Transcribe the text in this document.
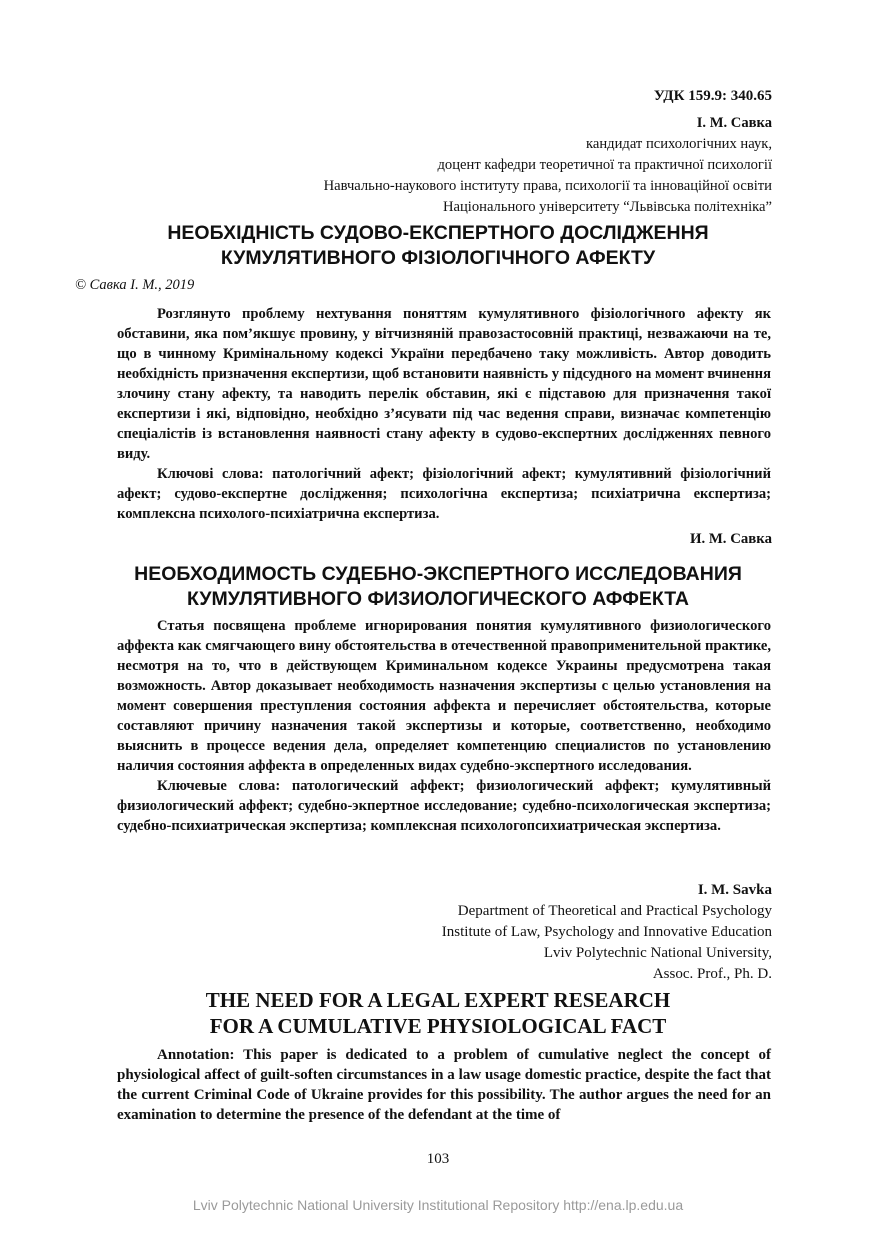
УДК 159.9: 340.65
І. М. Савка
кандидат психологічних наук,
доцент кафедри теоретичної та практичної психології
Навчально-наукового інституту права, психології та інноваційної освіти
Національного університету “Львівська політехніка”
НЕОБХІДНІСТЬ СУДОВО-ЕКСПЕРТНОГО ДОСЛІДЖЕННЯ
КУМУЛЯТИВНОГО ФІЗІОЛОГІЧНОГО АФЕКТУ
© Савка І. М., 2019

Розглянуто проблему нехтування поняттям кумулятивного фізіологічного афекту як обставини, яка пом’якшує провину, у вітчизняній правозастосовній практиці, незважаючи на те, що в чинному Кримінальному кодексі України передбачено таку можливість. Автор доводить необхідність призначення експертизи, щоб встановити наявність у підсудного на момент вчинення злочину стану афекту, та наводить перелік обставин, які є підставою для призначення такої експертизи і які, відповідно, необхідно з’ясувати під час ведення справи, визначає компетенцію спеціалістів із встановлення наявності стану афекту в судово-експертних дослідженнях певного виду.

Ключові слова: патологічний афект; фізіологічний афект; кумулятивний фізіологічний афект; судово-експертне дослідження; психологічна експертиза; психіатрична експертиза; комплексна психолого-психіатрична експертиза.

И. М. Савка
НЕОБХОДИМОСТЬ СУДЕБНО-ЭКСПЕРТНОГО ИССЛЕДОВАНИЯ
КУМУЛЯТИВНОГО ФИЗИОЛОГИЧЕСКОГО АФФЕКТА

Статья посвящена проблеме игнорирования понятия кумулятивного физиологического аффекта как смягчающего вину обстоятельства в отечественной правоприменительной практике, несмотря на то, что в действующем Криминальном кодексе Украины предусмотрена такая возможность. Автор доказывает необходимость назначения экспертизы с целью установления на момент совершения преступления состояния аффекта и перечисляет обстоятельства, которые составляют причину назначения такой экспертизы и которые, соответственно, необходимо выяснить в процессе ведения дела, определяет компетенцию специалистов по установлению наличия состояния аффекта в определенных видах судебно-экспертного исследования.

Ключевые слова: патологический аффект; физиологический аффект; кумулятивный физиологический аффект; судебно-экпертное исследование; судебно-психологическая экспертиза; судебно-психиатрическая экспертиза; комплексная психологопсихиатрическая экспертиза.

I. M. Savka
Department of Theoretical and Practical Psychology
Institute of Law, Psychology and Innovative Education
Lviv Polytechnic National University,
Assoc. Prof., Ph. D.
THE NEED FOR A LEGAL EXPERT RESEARCH
FOR A CUMULATIVE PHYSIOLOGICAL FACT

Annotation: This paper is dedicated to a problem of cumulative neglect the concept of physiological affect of guilt-soften circumstances in a law usage domestic practice, despite the fact that the current Criminal Code of Ukraine provides for this possibility. The author argues the need for an examination to determine the presence of the defendant at the time of

103
Lviv Polytechnic National University Institutional Repository http://ena.lp.edu.ua
